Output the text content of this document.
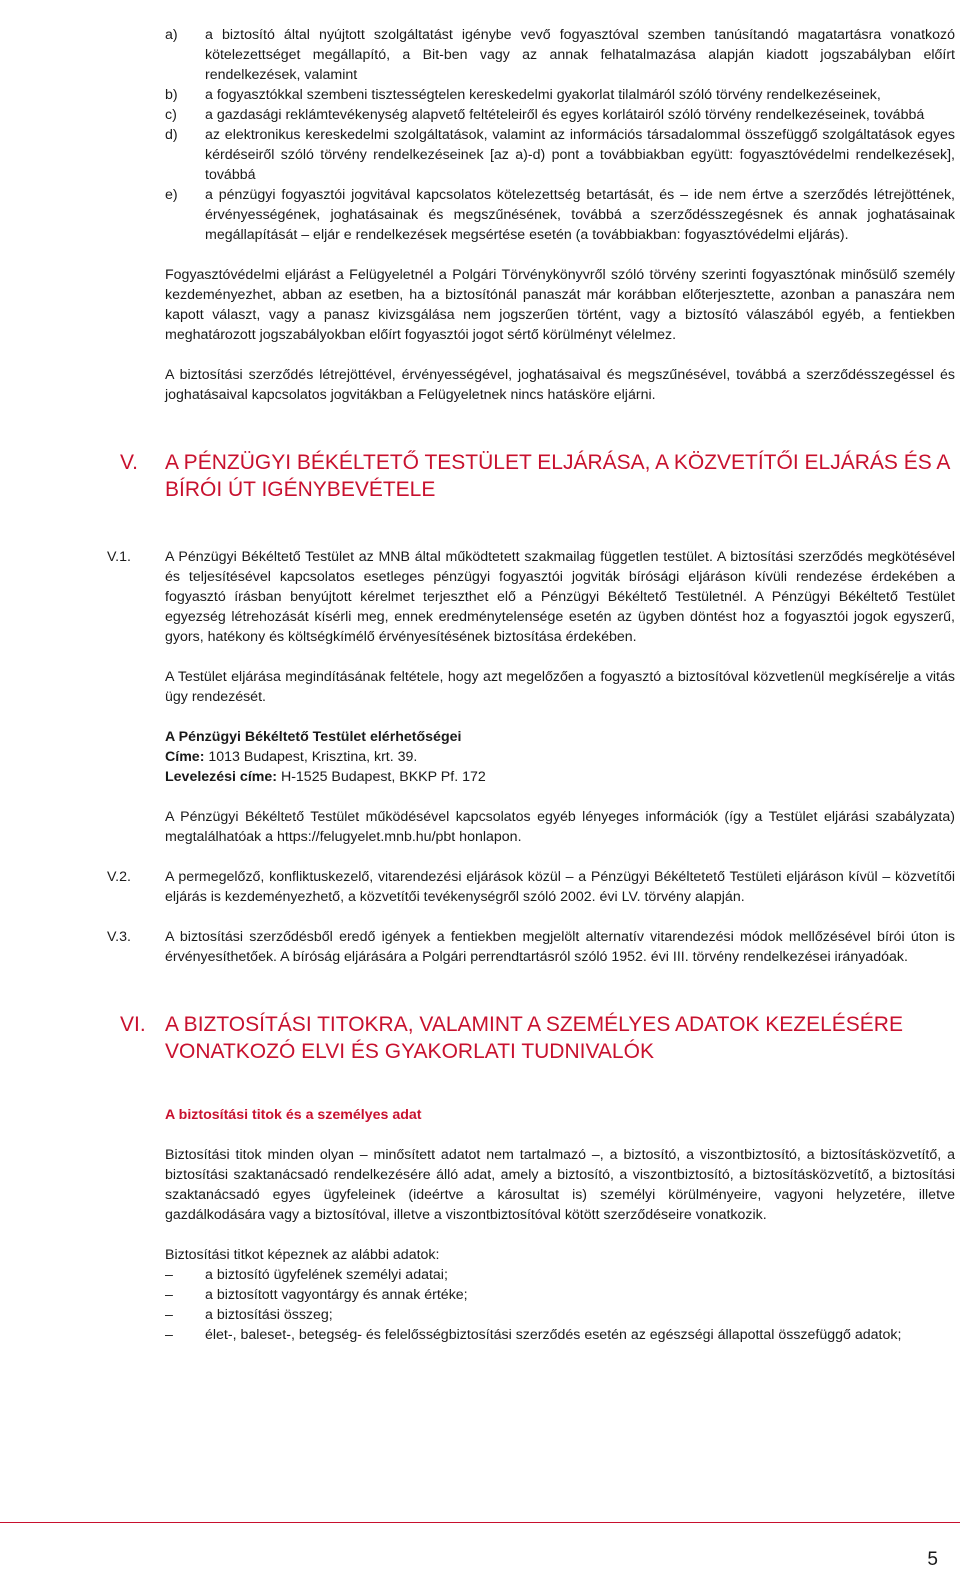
a) a biztosító által nyújtott szolgáltatást igénybe vevő fogyasztóval szemben tanúsítandó magatartásra vonatkozó kötelezettséget megállapító, a Bit-ben vagy az annak felhatalmazása alapján kiadott jogszabályban előírt rendelkezések, valamint
b) a fogyasztókkal szembeni tisztességtelen kereskedelmi gyakorlat tilalmáról szóló törvény rendelkezéseinek,
c) a gazdasági reklámtevékenység alapvető feltételeiről és egyes korlátairól szóló törvény rendelkezéseinek, továbbá
d) az elektronikus kereskedelmi szolgáltatások, valamint az információs társadalommal összefüggő szolgáltatások egyes kérdéseiről szóló törvény rendelkezéseinek [az a)-d) pont a továbbiakban együtt: fogyasztóvédelmi rendelkezések], továbbá
e) a pénzügyi fogyasztói jogvitával kapcsolatos kötelezettség betartását, és – ide nem értve a szerződés létrejöttének, érvényességének, joghatásainak és megszűnésének, továbbá a szerződésszegésnek és annak joghatásainak megállapítását – eljár e rendelkezések megsértése esetén (a továbbiakban: fogyasztóvédelmi eljárás).

Fogyasztóvédelmi eljárást a Felügyeletnél a Polgári Törvénykönyvről szóló törvény szerinti fogyasztónak minősülő személy kezdeményezhet, abban az esetben, ha a biztosítónál panaszát már korábban előterjesztette, azonban a panaszára nem kapott választ, vagy a panasz kivizsgálása nem jogszerűen történt, vagy a biztosító válaszából egyéb, a fentiekben meghatározott jogszabályokban előírt fogyasztói jogot sértő körülményt vélelmez.

A biztosítási szerződés létrejöttével, érvényességével, joghatásaival és megszűnésével, továbbá a szerződésszegéssel és joghatásaival kapcsolatos jogvitákban a Felügyeletnek nincs hatásköre eljárni.

V. A PÉNZÜGYI BÉKÉLTETŐ TESTÜLET ELJÁRÁSA, A KÖZVETÍTŐI ELJÁRÁS ÉS A BÍRÓI ÚT IGÉNYBEVÉTELE
V.1. A Pénzügyi Békéltető Testület az MNB által működtetett szakmailag független testület. A biztosítási szerződés megkötésével és teljesítésével kapcsolatos esetleges pénzügyi fogyasztói jogviták bírósági eljáráson kívüli rendezése érdekében a fogyasztó írásban benyújtott kérelmet terjeszthet elő a Pénzügyi Békéltető Testületnél. A Pénzügyi Békéltető Testület egyezség létrehozását kísérli meg, ennek eredménytelensége esetén az ügyben döntést hoz a fogyasztói jogok egyszerű, gyors, hatékony és költségkímélő érvényesítésének biztosítása érdekében.

A Testület eljárása megindításának feltétele, hogy azt megelőzően a fogyasztó a biztosítóval közvetlenül megkísérelje a vitás ügy rendezését.

A Pénzügyi Békéltető Testület elérhetőségei
Címe: 1013 Budapest, Krisztina, krt. 39.
Levelezési címe: H-1525 Budapest, BKKP Pf. 172

A Pénzügyi Békéltető Testület működésével kapcsolatos egyéb lényeges információk (így a Testület eljárási szabályzata) megtalálhatóak a https://felugyelet.mnb.hu/pbt honlapon.

V.2. A permegelőző, konfliktuskezelő, vitarendezési eljárások közül – a Pénzügyi Békéltetető Testületi eljáráson kívül – közvetítői eljárás is kezdeményezhető, a közvetítői tevékenységről szóló 2002. évi LV. törvény alapján.

V.3. A biztosítási szerződésből eredő igények a fentiekben megjelölt alternatív vitarendezési módok mellőzésével bírói úton is érvényesíthetőek. A bíróság eljárására a Polgári perrendtartásról szóló 1952. évi III. törvény rendelkezései irányadóak.

VI. A BIZTOSÍTÁSI TITOKRA, VALAMINT A SZEMÉLYES ADATOK KEZELÉSÉRE VONATKOZÓ ELVI ÉS GYAKORLATI TUDNIVALÓK
A biztosítási titok és a személyes adat

Biztosítási titok minden olyan – minősített adatot nem tartalmazó –, a biztosító, a viszontbiztosító, a biztosításközvetítő, a biztosítási szaktanácsadó rendelkezésére álló adat, amely a biztosító, a viszontbiztosító, a biztosításközvetítő, a biztosítási szaktanácsadó egyes ügyfeleinek (ideértve a károsultat is) személyi körülményeire, vagyoni helyzetére, illetve gazdálkodására vagy a biztosítóval, illetve a viszontbiztosítóval kötött szerződéseire vonatkozik.

Biztosítási titkot képeznek az alábbi adatok:

– a biztosító ügyfelének személyi adatai;
– a biztosított vagyontárgy és annak értéke;
– a biztosítási összeg;
– élet-, baleset-, betegség- és felelősségbiztosítási szerződés esetén az egészségi állapottal összefüggő adatok;
5
